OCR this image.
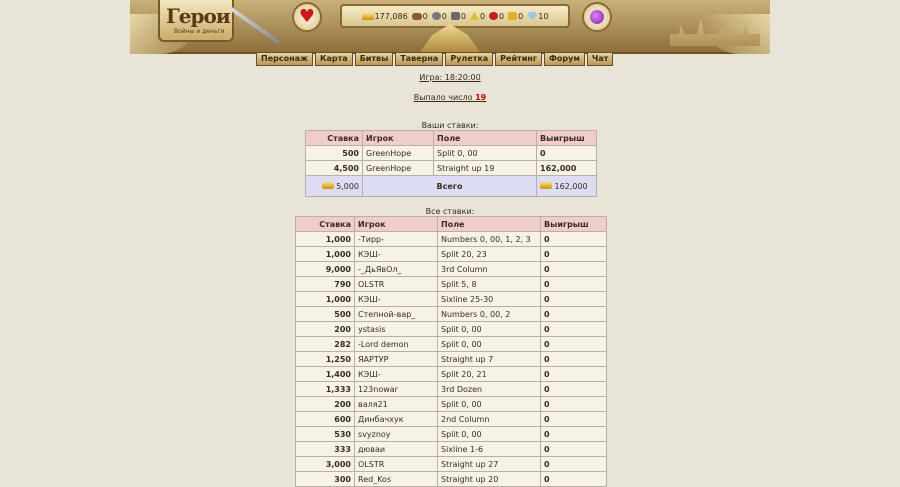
Герои
Войны и деньги
♥	177,086 0 0 0 0 0 0 10
Персонаж	Карта	Битвы	Таверна	Рулетка	Рейтинг	Форум	Чат
Игра: 18:20:00
Выпало число 19
Ваши ставки:
Ставка	Игрок	Поле	Выигрыш
500	GreenHope	Split 0, 00	0
4,500	GreenHope	Straight up 19	162,000
5,000	Всего		162,000
Все ставки:
Ставка	Игрок	Поле	Выигрыш
1,000	-Тирр-	Numbers 0, 00, 1, 2, 3	0
1,000	КЭШ-	Split 20, 23	0
9,000	-_ДьЯвОл_	3rd Column	0
790	OLSTR	Split 5, 8	0
1,000	КЭШ-	Sixline 25-30	0
500	Степной-вар_	Numbers 0, 00, 2	0
200	ystasis	Split 0, 00	0
282	-Lord demon	Split 0, 00	0
1,250	ЯАРТУР	Straight up 7	0
1,400	КЭШ-	Split 20, 21	0
1,333	123nowar	3rd Dozen	0
200	валя21	Split 0, 00	0
600	Динбачхук	2nd Column	0
530	svyznoy	Split 0, 00	0
333	дюваи	Sixline 1-6	0
3,000	OLSTR	Straight up 27	0
300	Red_Kos	Straight up 20	0
